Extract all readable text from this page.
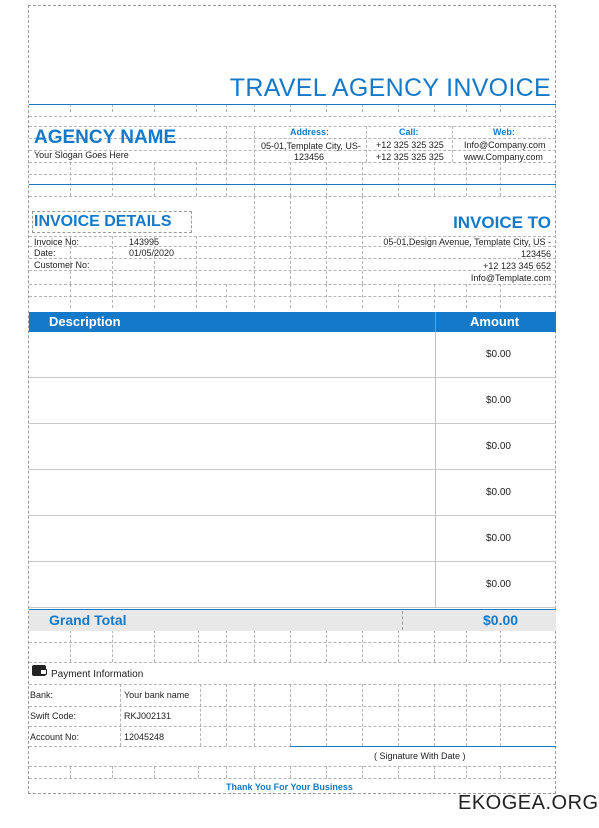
TRAVEL AGENCY INVOICE
AGENCY NAME
Your Slogan Goes Here
Address:
05-01,Template City, US-
123456
Call:
+12 325 325 325
+12 325 325 325
Web:
Info@Company.com
www.Company.com
INVOICE DETAILS
Invoice No:	143995
Date:	01/05/2020
Customer No:
INVOICE TO
05-01,Design Avenue, Template City, US -
123456
+12 123 345 652
Info@Template.com
Description	Amount
$0.00
$0.00
$0.00
$0.00
$0.00
$0.00
Grand Total	$0.00
Payment Information
Bank:	Your bank name
Swift Code:	RKJ002131
Account No:	12045248
( Signature With Date )
Thank You For Your Business
EKOGEA.ORG
